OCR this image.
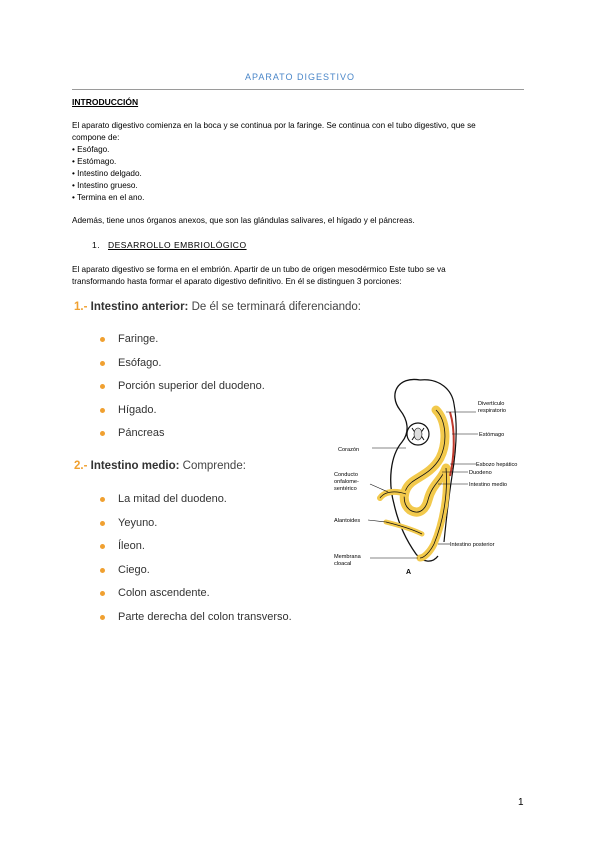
APARATO DIGESTIVO
INTRODUCCIÓN
El aparato digestivo comienza en la boca y se continua por la faringe. Se continua con el tubo digestivo, que se
compone de:
• Esófago.
• Estómago.
• Intestino delgado.
• Intestino grueso.
• Termina en el ano.
Además, tiene unos órganos anexos, que son las glándulas salivares, el hígado y el páncreas.
1. DESARROLLO EMBRIOLÓGICO
El aparato digestivo se forma en el embrión. Apartir de un tubo de origen mesodérmico Este tubo se va
transformando hasta formar el aparato digestivo definitivo. En él se distinguen 3 porciones:
1.- Intestino anterior: De él se terminará diferenciando:
Faringe.
Esófago.
Porción superior del duodeno.
Hígado.
Páncreas
2.- Intestino medio: Comprende:
La mitad del duodeno.
Yeyuno.
Íleon.
Ciego.
Colon ascendente.
Parte derecha del colon transverso.
Divertículo
respiratorio
Estómago
Corazón
Esbozo hepático
Duodeno
Intestino medio
Conducto
onfalome-
sentérico
Alantoides
Intestino posterior
Membrana
cloacal
A
1
